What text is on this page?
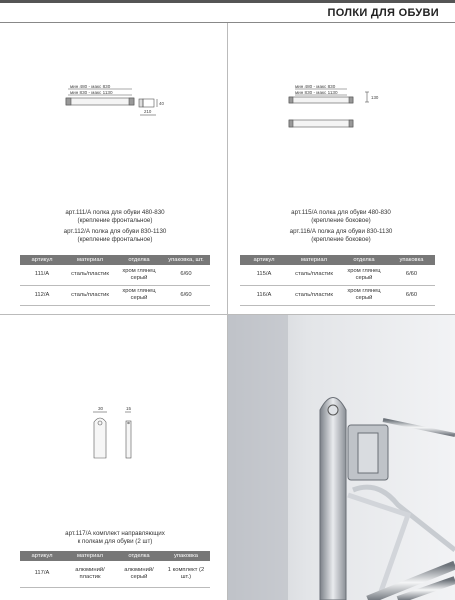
ПОЛКИ ДЛЯ ОБУВИ
мин 480 - макс 830
мин 830 - макс 1130
40
210
арт.111/А полка для обуви 480-830
(крепление фронтальное)
арт.112/А полка для обуви 830-1130
(крепление фронтальное)
артикул	материал	отделка	упаковка, шт.
111/А	сталь/пластик	хром глянец серый	6/60
112/А	сталь/пластик	хром глянец серый	6/60
мин 480 - макс 830
мин 830 - макс 1130
130
арт.115/А полка для обуви 480-830
(крепление боковое)
арт.116/А полка для обуви 830-1130
(крепление боковое)
артикул	материал	отделка	упаковка
115/А	сталь/пластик	хром глянец серый	6/60
116/А	сталь/пластик	хром глянец серый	6/60
30	15
арт.117/А комплект направляющих
к полкам для обуви (2 шт)
артикул	материал	отделка	упаковка
117/А	алюминий/ пластик	алюминий/ серый	1 комплект (2 шт.)
